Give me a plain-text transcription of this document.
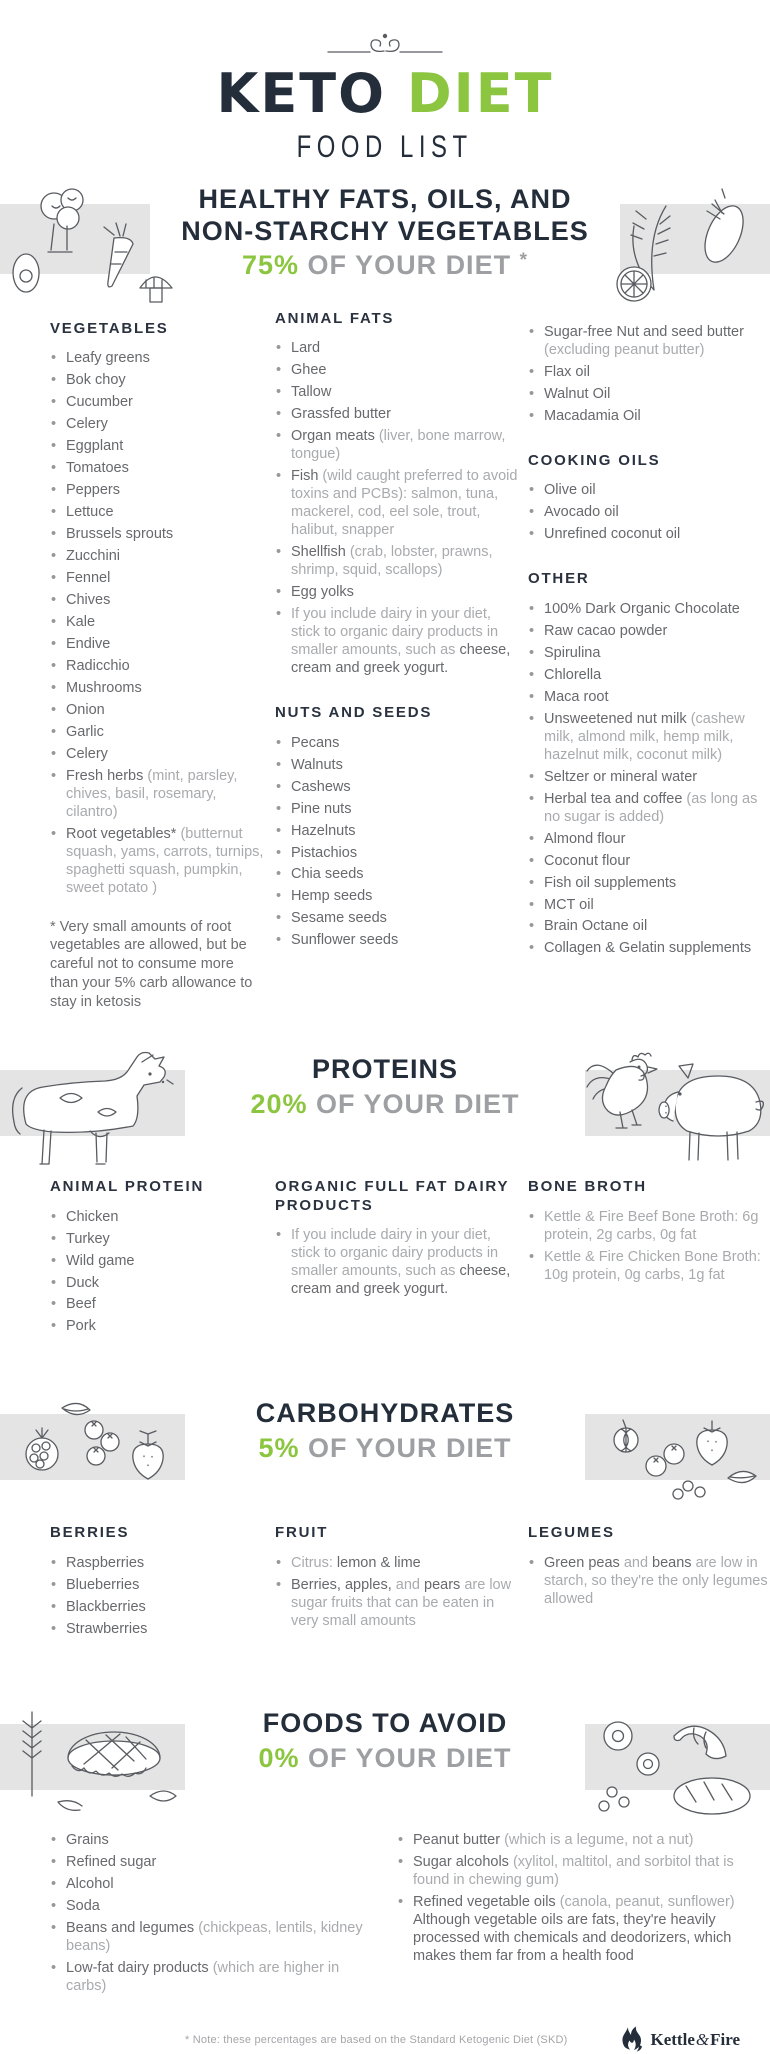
KETO DIET
FOOD LIST
HEALTHY FATS, OILS, AND
NON-STARCHY VEGETABLES
75% OF YOUR DIET *
VEGETABLES
• Leafy greens
• Bok choy
• Cucumber
• Celery
• Eggplant
• Tomatoes
• Peppers
• Lettuce
• Brussels sprouts
• Zucchini
• Fennel
• Chives
• Kale
• Endive
• Radicchio
• Mushrooms
• Onion
• Garlic
• Celery
• Fresh herbs (mint, parsley, chives, basil, rosemary, cilantro)
• Root vegetables* (butternut squash, yams, carrots, turnips, spaghetti squash, pumpkin, sweet potato )
* Very small amounts of root vegetables are allowed, but be careful not to consume more than your 5% carb allowance to stay in ketosis
ANIMAL FATS
• Lard
• Ghee
• Tallow
• Grassfed butter
• Organ meats (liver, bone marrow, tongue)
• Fish (wild caught preferred to avoid toxins and PCBs): salmon, tuna, mackerel, cod, eel sole, trout, halibut, snapper
• Shellfish (crab, lobster, prawns, shrimp, squid, scallops)
• Egg yolks
• If you include dairy in your diet, stick to organic dairy products in smaller amounts, such as cheese, cream and greek yogurt.
NUTS AND SEEDS
• Pecans
• Walnuts
• Cashews
• Pine nuts
• Hazelnuts
• Pistachios
• Chia seeds
• Hemp seeds
• Sesame seeds
• Sunflower seeds
• Sugar-free Nut and seed butter (excluding peanut butter)
• Flax oil
• Walnut Oil
• Macadamia Oil
COOKING OILS
• Olive oil
• Avocado oil
• Unrefined coconut oil
OTHER
• 100% Dark Organic Chocolate
• Raw cacao powder
• Spirulina
• Chlorella
• Maca root
• Unsweetened nut milk (cashew milk, almond milk, hemp milk, hazelnut milk, coconut milk)
• Seltzer or mineral water
• Herbal tea and coffee (as long as no sugar is added)
• Almond flour
• Coconut flour
• Fish oil supplements
• MCT oil
• Brain Octane oil
• Collagen & Gelatin supplements
PROTEINS
20% OF YOUR DIET
ANIMAL PROTEIN
• Chicken
• Turkey
• Wild game
• Duck
• Beef
• Pork
ORGANIC FULL FAT DAIRY PRODUCTS
• If you include dairy in your diet, stick to organic dairy products in smaller amounts, such as cheese, cream and greek yogurt.
BONE BROTH
• Kettle & Fire Beef Bone Broth: 6g protein, 2g carbs, 0g fat
• Kettle & Fire Chicken Bone Broth: 10g protein, 0g carbs, 1g fat
CARBOHYDRATES
5% OF YOUR DIET
BERRIES
• Raspberries
• Blueberries
• Blackberries
• Strawberries
FRUIT
• Citrus: lemon & lime
• Berries, apples, and pears are low sugar fruits that can be eaten in very small amounts
LEGUMES
• Green peas and beans are low in starch, so they're the only legumes allowed
FOODS TO AVOID
0% OF YOUR DIET
• Grains
• Refined sugar
• Alcohol
• Soda
• Beans and legumes (chickpeas, lentils, kidney beans)
• Low-fat dairy products (which are higher in carbs)
• Peanut butter (which is a legume, not a nut)
• Sugar alcohols (xylitol, maltitol, and sorbitol that is found in chewing gum)
• Refined vegetable oils (canola, peanut, sunflower) Although vegetable oils are fats, they're heavily processed with chemicals and deodorizers, which makes them far from a health food
* Note: these percentages are based on the Standard Ketogenic Diet (SKD)	Kettle&Fire
